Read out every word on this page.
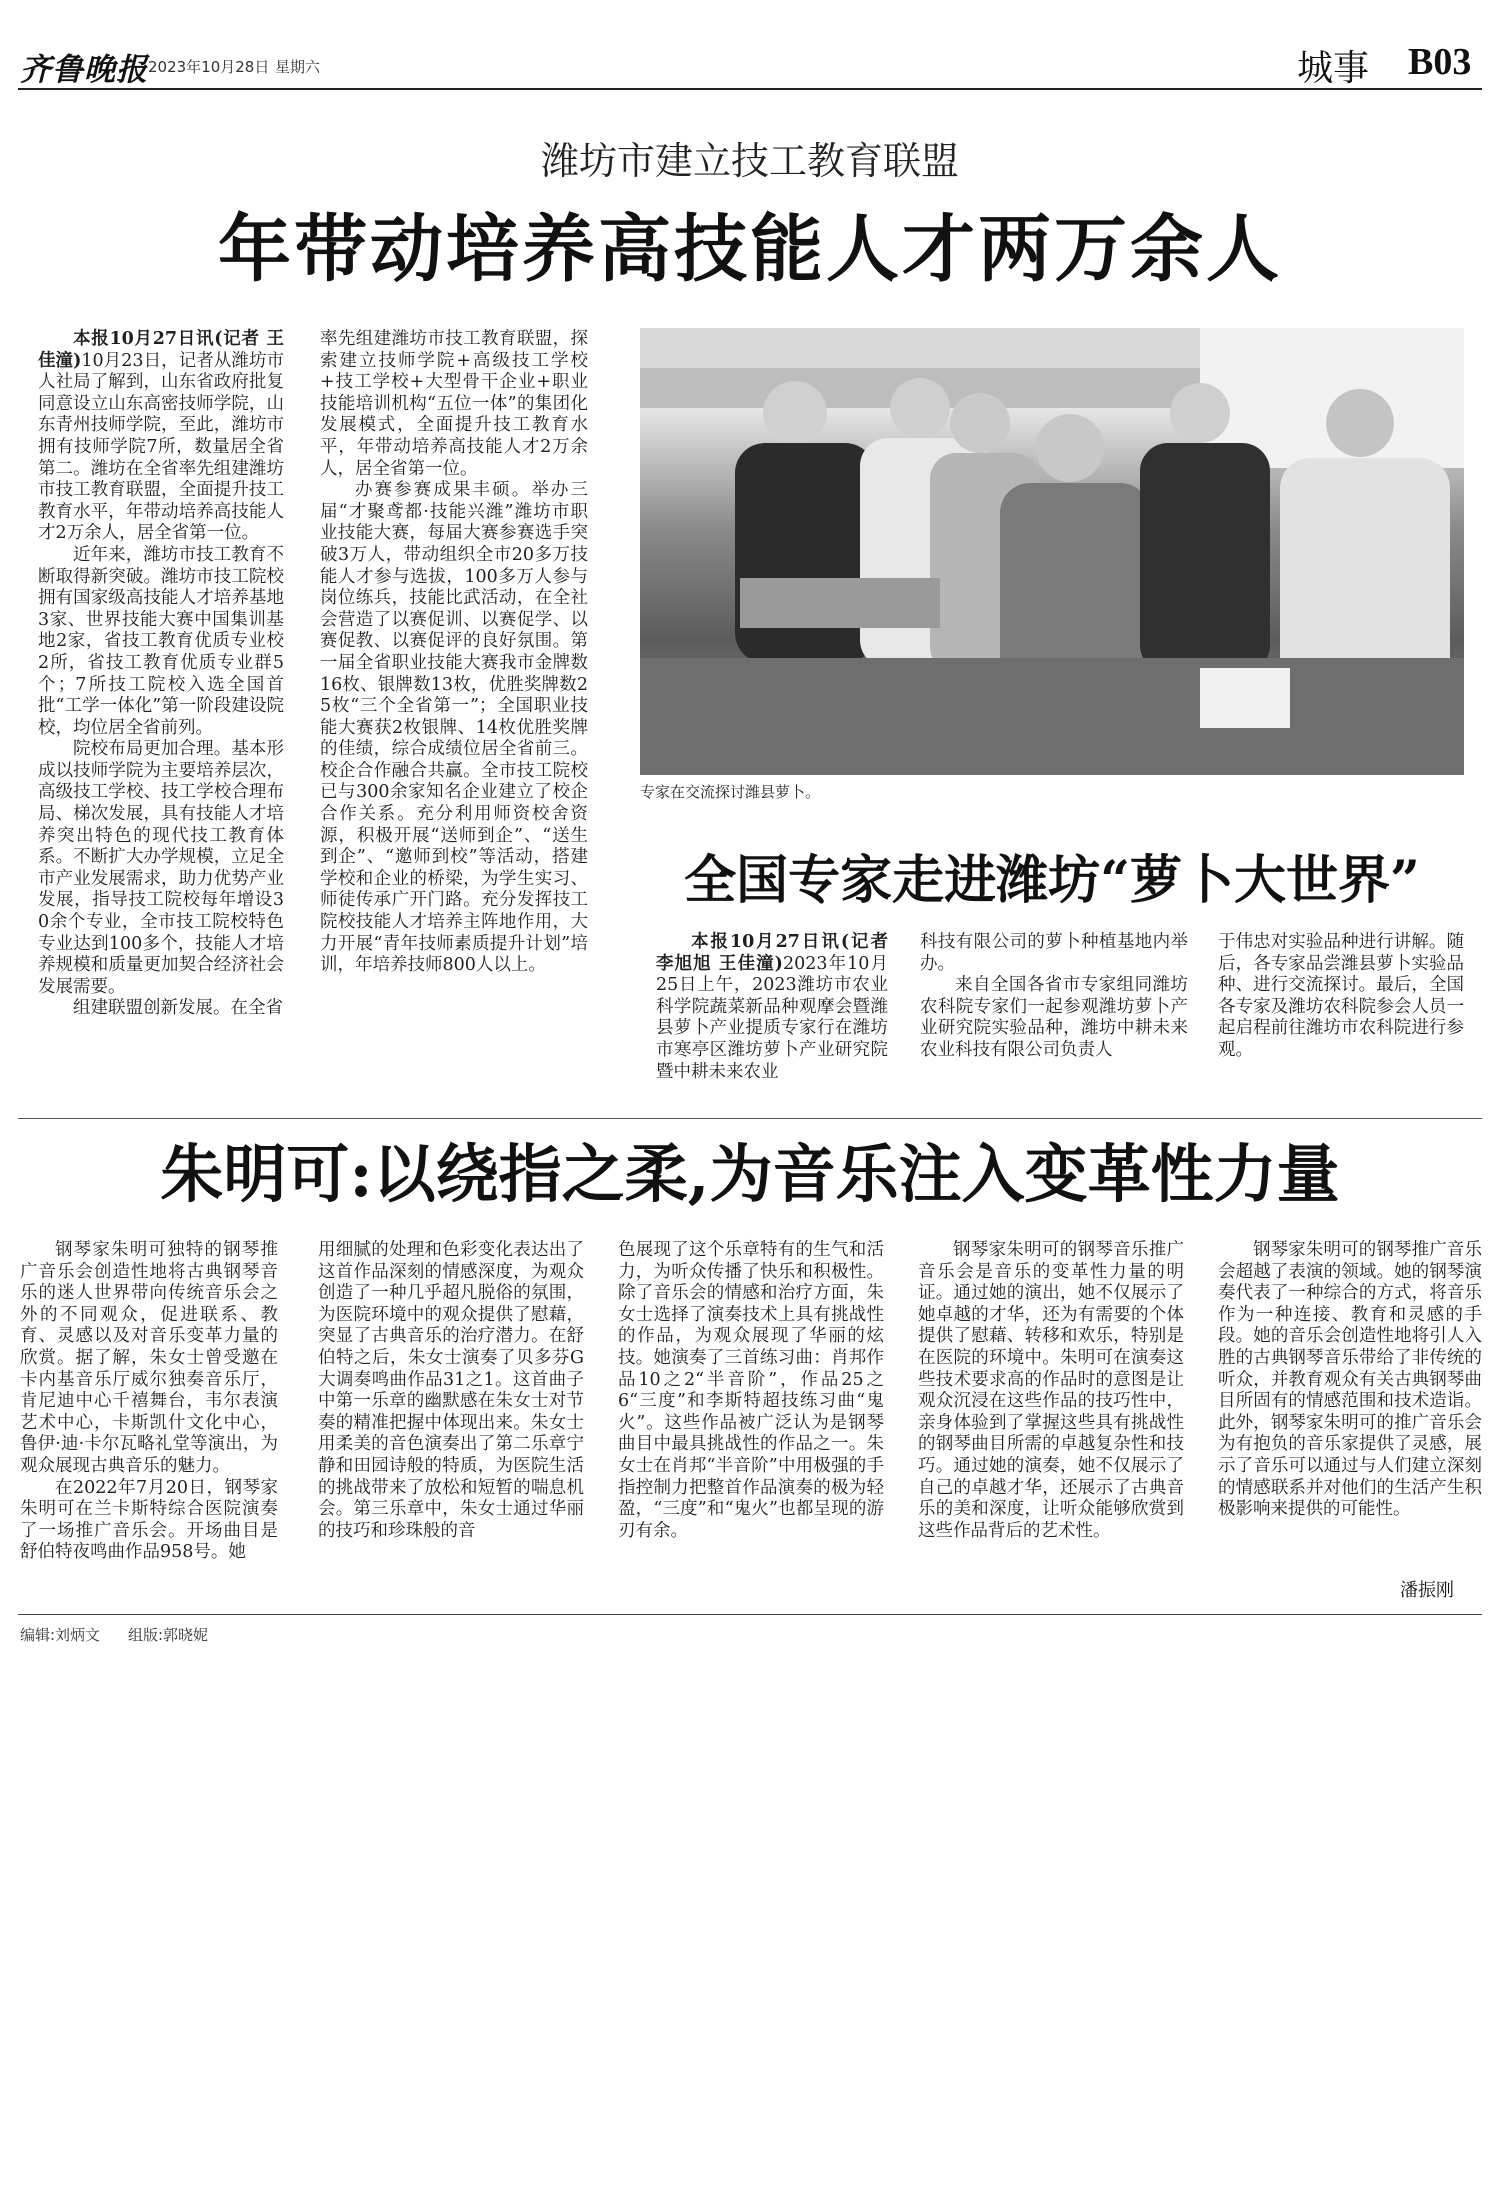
齐鲁晚报 2023年10月28日 星期六	城事 B03
潍坊市建立技工教育联盟
年带动培养高技能人才两万余人

本报10月27日讯(记者 王佳潼)10月23日，记者从潍坊市人社局了解到，山东省政府批复同意设立山东高密技师学院，山东青州技师学院，至此，潍坊市拥有技师学院7所，数量居全省第二。潍坊在全省率先组建潍坊市技工教育联盟，全面提升技工教育水平，年带动培养高技能人才2万余人，居全省第一位。

近年来，潍坊市技工教育不断取得新突破。潍坊市技工院校拥有国家级高技能人才培养基地3家、世界技能大赛中国集训基地2家，省技工教育优质专业校2所，省技工教育优质专业群5个；7所技工院校入选全国首批“工学一体化”第一阶段建设院校，均位居全省前列。

院校布局更加合理。基本形成以技师学院为主要培养层次，高级技工学校、技工学校合理布局、梯次发展，具有技能人才培养突出特色的现代技工教育体系。不断扩大办学规模，立足全市产业发展需求，助力优势产业发展，指导技工院校每年增设30余个专业，全市技工院校特色专业达到100多个，技能人才培养规模和质量更加契合经济社会发展需要。

组建联盟创新发展。在全省

率先组建潍坊市技工教育联盟，探索建立技师学院+高级技工学校+技工学校+大型骨干企业+职业技能培训机构“五位一体”的集团化发展模式，全面提升技工教育水平，年带动培养高技能人才2万余人，居全省第一位。

办赛参赛成果丰硕。举办三届“才聚鸢都·技能兴潍”潍坊市职业技能大赛，每届大赛参赛选手突破3万人，带动组织全市20多万技能人才参与选拔，100多万人参与岗位练兵，技能比武活动，在全社会营造了以赛促训、以赛促学、以赛促教、以赛促评的良好氛围。第一届全省职业技能大赛我市金牌数16枚、银牌数13枚，优胜奖牌数25枚“三个全省第一”；全国职业技能大赛获2枚银牌、14枚优胜奖牌的佳绩，综合成绩位居全省前三。校企合作融合共赢。全市技工院校已与300余家知名企业建立了校企合作关系。充分利用师资校舍资源，积极开展“送师到企”、“送生到企”、“邀师到校”等活动，搭建学校和企业的桥梁，为学生实习、师徒传承广开门路。充分发挥技工院校技能人才培养主阵地作用，大力开展“青年技师素质提升计划”培训，年培养技师800人以上。

专家在交流探讨潍县萝卜。
全国专家走进潍坊“萝卜大世界”

本报10月27日讯(记者 李旭旭 王佳潼)2023年10月25日上午，2023潍坊市农业科学院蔬菜新品种观摩会暨潍县萝卜产业提质专家行在潍坊市寒亭区潍坊萝卜产业研究院暨中耕未来农业

科技有限公司的萝卜种植基地内举办。

来自全国各省市专家组同潍坊农科院专家们一起参观潍坊萝卜产业研究院实验品种，潍坊中耕未来农业科技有限公司负责人

于伟忠对实验品种进行讲解。随后，各专家品尝潍县萝卜实验品种、进行交流探讨。最后，全国各专家及潍坊农科院参会人员一起启程前往潍坊市农科院进行参观。

朱明可:以绕指之柔,为音乐注入变革性力量

钢琴家朱明可独特的钢琴推广音乐会创造性地将古典钢琴音乐的迷人世界带向传统音乐会之外的不同观众，促进联系、教育、灵感以及对音乐变革力量的欣赏。据了解，朱女士曾受邀在卡内基音乐厅威尔独奏音乐厅，肯尼迪中心千禧舞台，韦尔表演艺术中心，卡斯凯什文化中心，鲁伊·迪·卡尔瓦略礼堂等演出，为观众展现古典音乐的魅力。

在2022年7月20日，钢琴家朱明可在兰卡斯特综合医院演奏了一场推广音乐会。开场曲目是舒伯特夜鸣曲作品958号。她

用细腻的处理和色彩变化表达出了这首作品深刻的情感深度，为观众创造了一种几乎超凡脱俗的氛围，为医院环境中的观众提供了慰藉，突显了古典音乐的治疗潜力。在舒伯特之后，朱女士演奏了贝多芬G大调奏鸣曲作品31之1。这首曲子中第一乐章的幽默感在朱女士对节奏的精准把握中体现出来。朱女士用柔美的音色演奏出了第二乐章宁静和田园诗般的特质，为医院生活的挑战带来了放松和短暂的喘息机会。第三乐章中，朱女士通过华丽的技巧和珍珠般的音

色展现了这个乐章特有的生气和活力，为听众传播了快乐和积极性。除了音乐会的情感和治疗方面，朱女士选择了演奏技术上具有挑战性的作品，为观众展现了华丽的炫技。她演奏了三首练习曲：肖邦作品10之2“半音阶”，作品25之6“三度”和李斯特超技练习曲“鬼火”。这些作品被广泛认为是钢琴曲目中最具挑战性的作品之一。朱女士在肖邦“半音阶”中用极强的手指控制力把整首作品演奏的极为轻盈，“三度”和“鬼火”也都呈现的游刃有余。

钢琴家朱明可的钢琴音乐推广音乐会是音乐的变革性力量的明证。通过她的演出，她不仅展示了她卓越的才华，还为有需要的个体提供了慰藉、转移和欢乐，特别是在医院的环境中。朱明可在演奏这些技术要求高的作品时的意图是让观众沉浸在这些作品的技巧性中，亲身体验到了掌握这些具有挑战性的钢琴曲目所需的卓越复杂性和技巧。通过她的演奏，她不仅展示了自己的卓越才华，还展示了古典音乐的美和深度，让听众能够欣赏到这些作品背后的艺术性。

钢琴家朱明可的钢琴推广音乐会超越了表演的领域。她的钢琴演奏代表了一种综合的方式，将音乐作为一种连接、教育和灵感的手段。她的音乐会创造性地将引人入胜的古典钢琴音乐带给了非传统的听众，并教育观众有关古典钢琴曲目所固有的情感范围和技术造诣。此外，钢琴家朱明可的推广音乐会为有抱负的音乐家提供了灵感，展示了音乐可以通过与人们建立深刻的情感联系并对他们的生活产生积极影响来提供的可能性。

潘振刚
编辑:刘炳文 组版:郭晓妮
